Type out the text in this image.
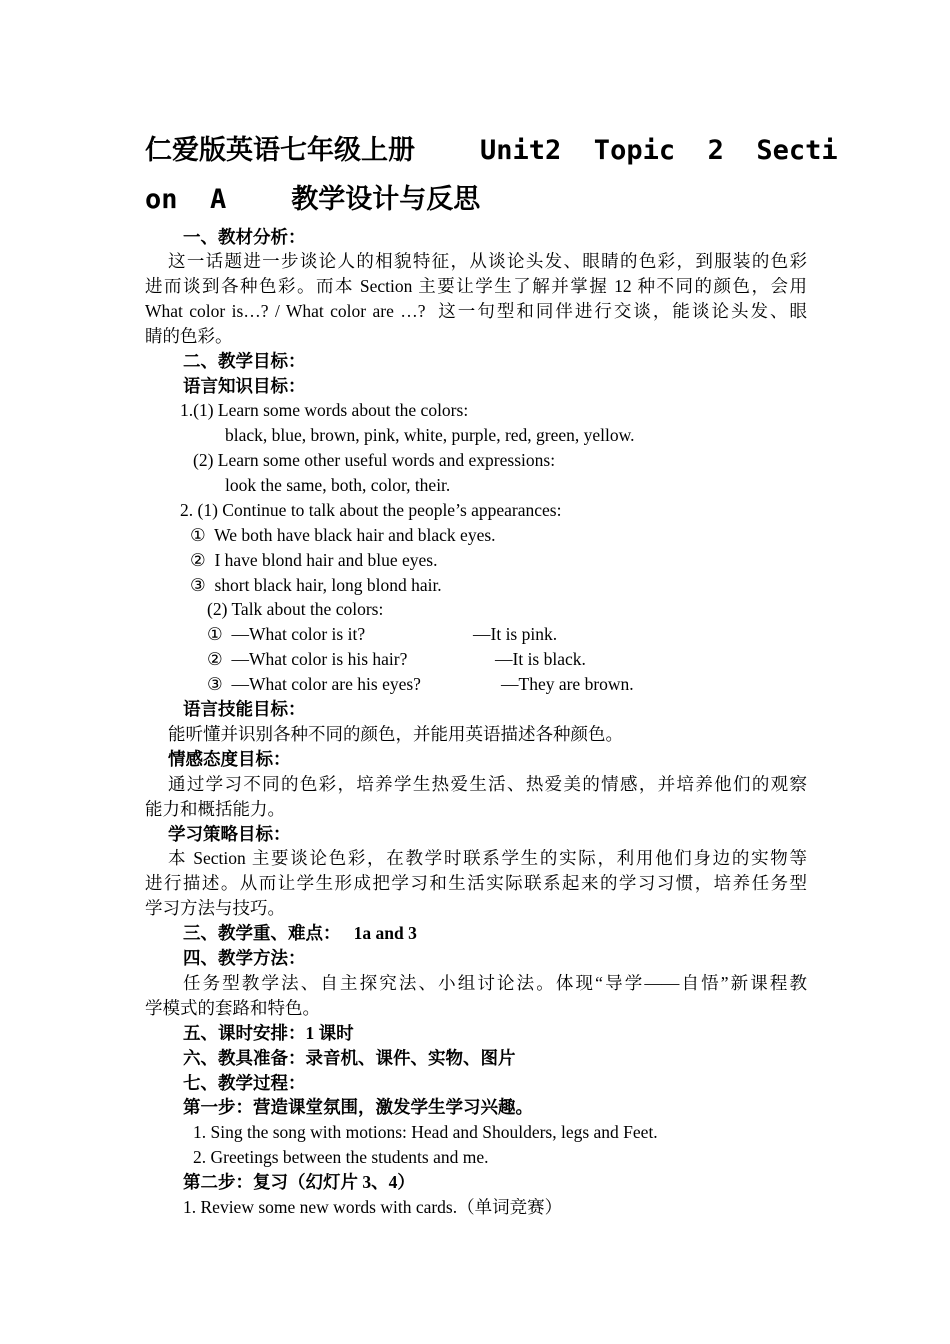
仁爱版英语七年级上册    Unit2  Topic  2  Secti
on  A    教学设计与反思
一、教材分析：
这一话题进一步谈论人的相貌特征，从谈论头发、眼睛的色彩，到服装的色彩
进而谈到各种色彩。而本 Section 主要让学生了解并掌握 12 种不同的颜色，会用
What color is…? / What color are …?  这一句型和同伴进行交谈，能谈论头发、眼
睛的色彩。
二、教学目标：
语言知识目标：
1.(1) Learn some words about the colors:
black, blue, brown, pink, white, purple, red, green, yellow.
(2) Learn some other useful words and expressions:
look the same, both, color, their.
2. (1) Continue to talk about the people’s appearances:
①  We both have black hair and black eyes.
②  I have blond hair and blue eyes.
③  short black hair, long blond hair.
(2) Talk about the colors:
①  —What color is it?	—It is pink.
②  —What color is his hair?	—It is black.
③  —What color are his eyes?	—They are brown.
语言技能目标：
能听懂并识别各种不同的颜色，并能用英语描述各种颜色。
情感态度目标：
通过学习不同的色彩，培养学生热爱生活、热爱美的情感，并培养他们的观察
能力和概括能力。
学习策略目标：
本 Section 主要谈论色彩，在教学时联系学生的实际，利用他们身边的实物等
进行描述。从而让学生形成把学习和生活实际联系起来的学习习惯，培养任务型
学习方法与技巧。
三、教学重、难点：   1a and 3
四、教学方法：
任务型教学法、自主探究法、小组讨论法。体现“导学——自悟”新课程教
学模式的套路和特色。
五、课时安排：1 课时
六、教具准备：录音机、课件、实物、图片
七、教学过程：
第一步：营造课堂氛围，激发学生学习兴趣。
1. Sing the song with motions: Head and Shoulders, legs and Feet.
2. Greetings between the students and me.
第二步：复习（幻灯片 3、4）
1. Review some new words with cards.（单词竞赛）
